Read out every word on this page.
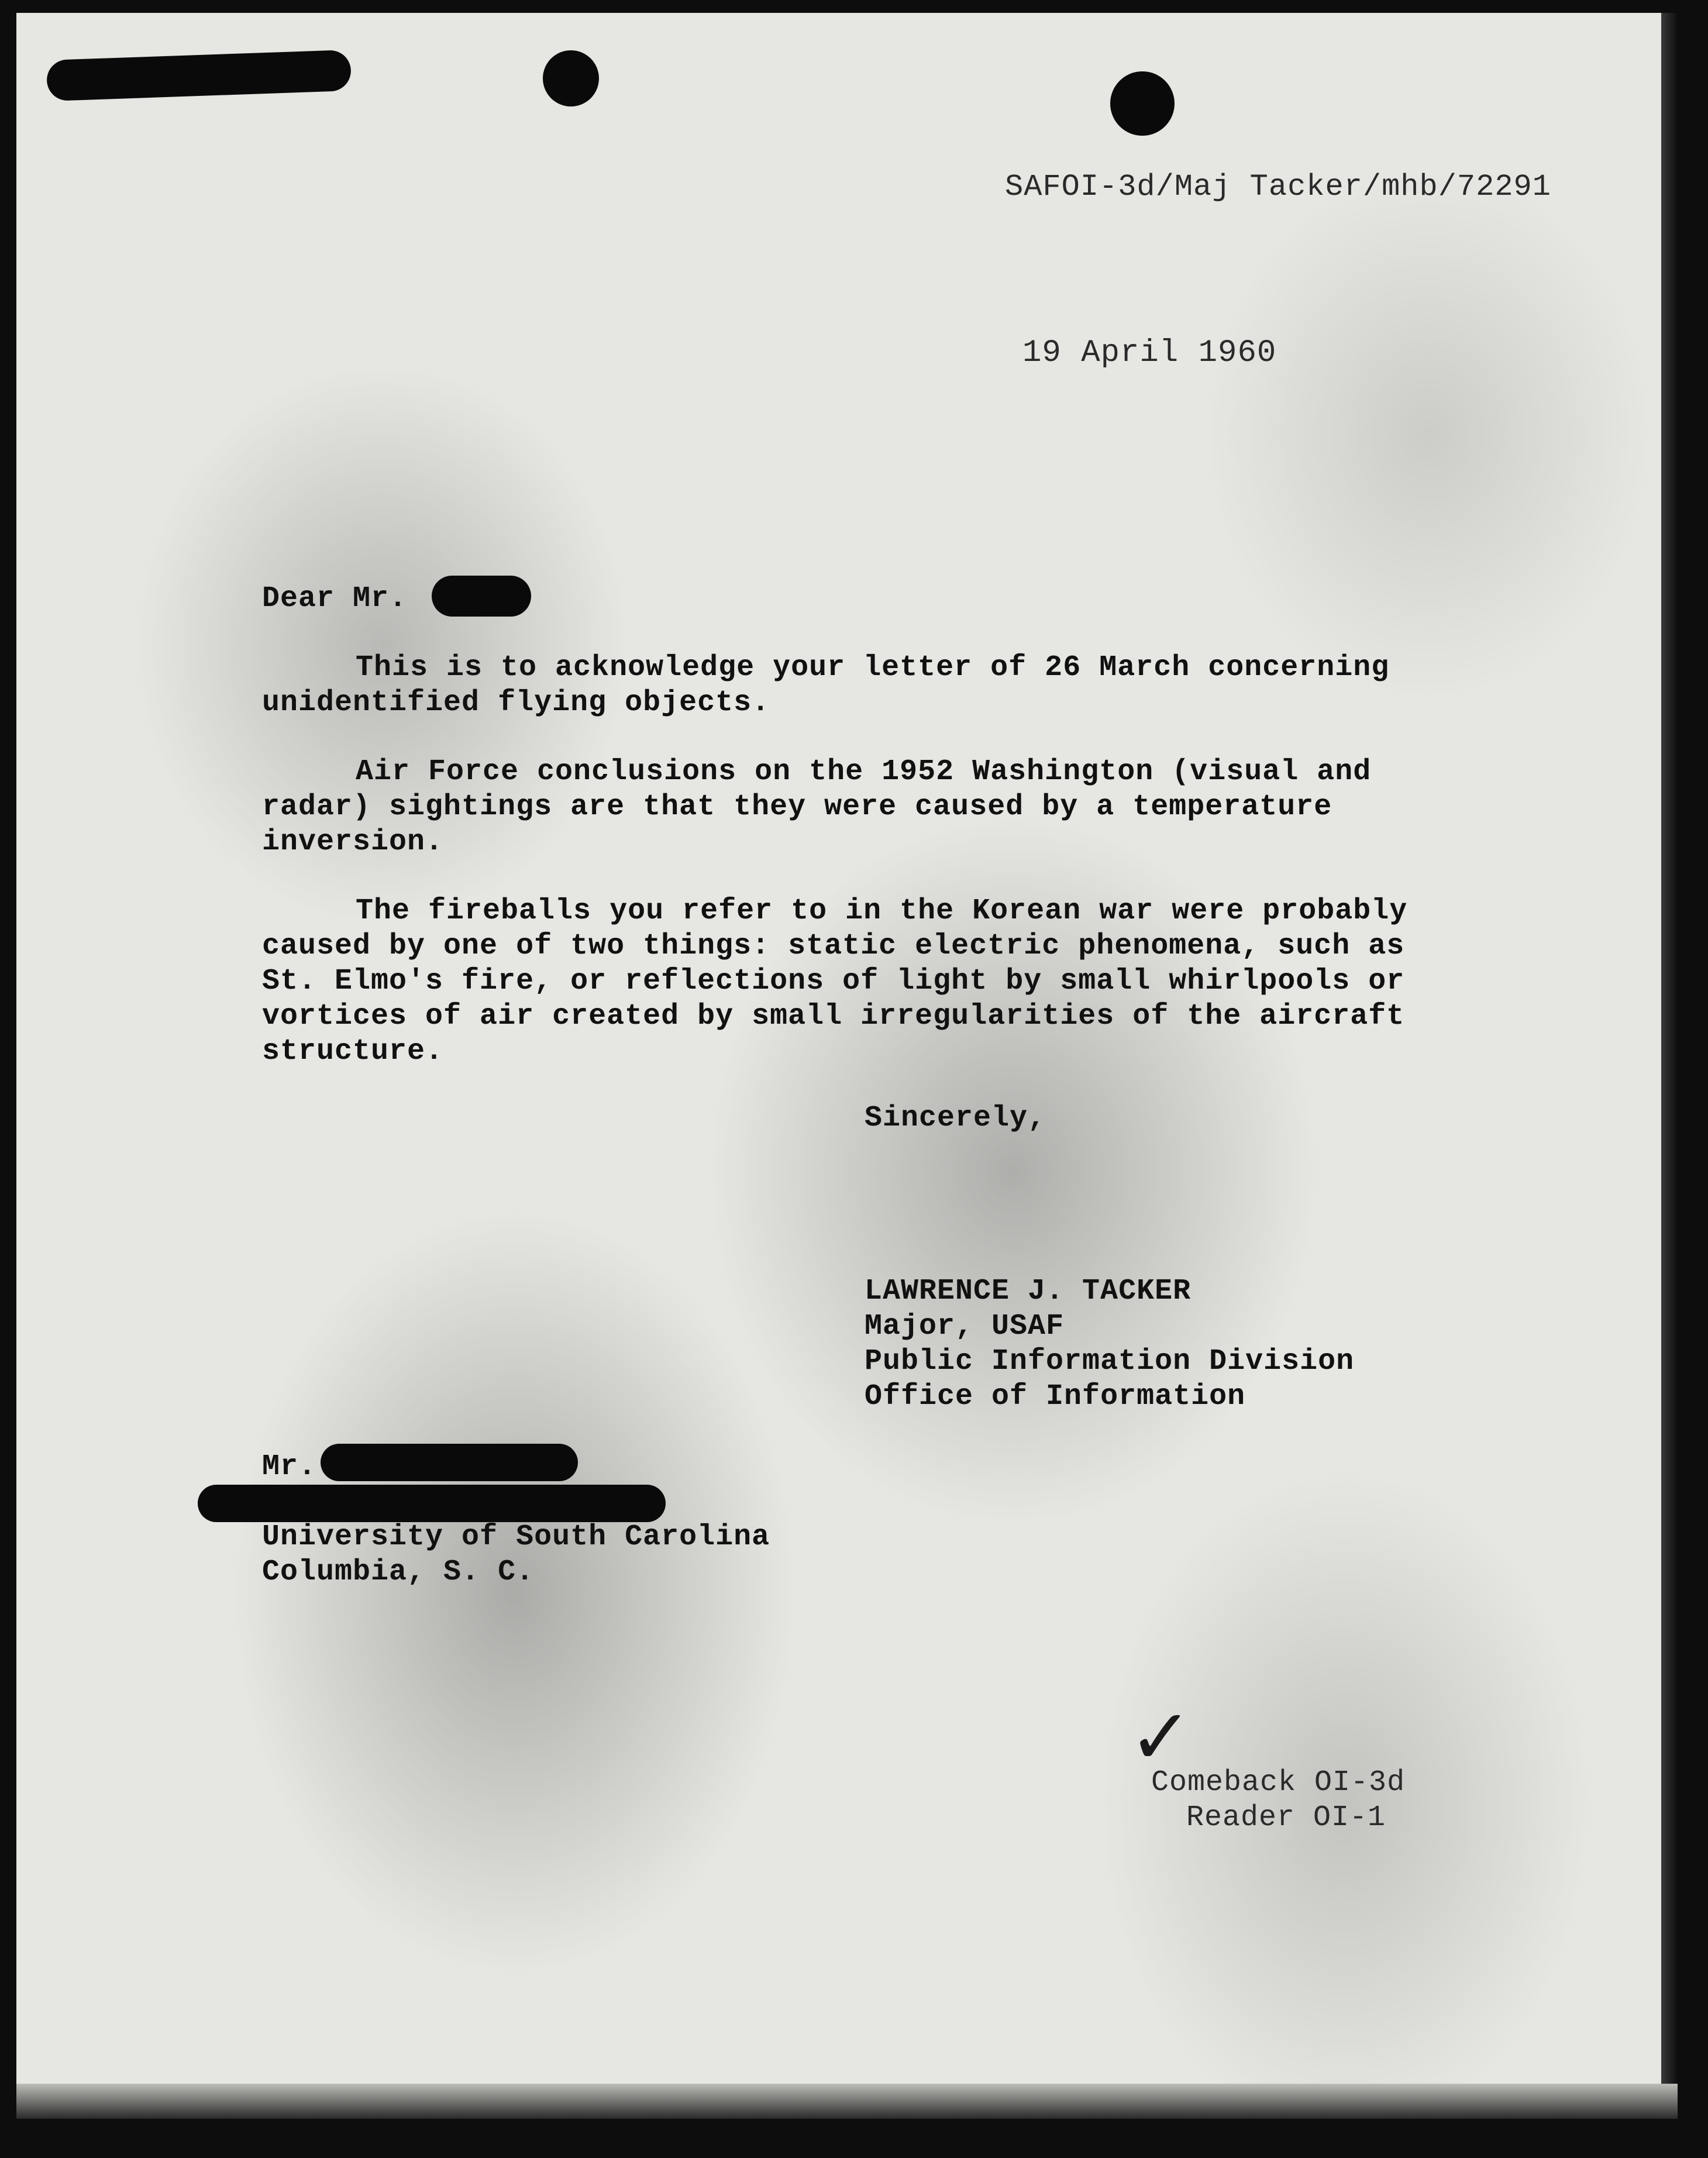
SAFOI-3d/Maj Tacker/mhb/72291
19 April 1960
Dear Mr.
This is to acknowledge your letter of 26 March concerning
unidentified flying objects.
Air Force conclusions on the 1952 Washington (visual and
radar) sightings are that they were caused by a temperature
inversion.
The fireballs you refer to in the Korean war were probably
caused by one of two things: static electric phenomena, such as
St. Elmo's fire, or reflections of light by small whirlpools or
vortices of air created by small irregularities of the aircraft
structure.
Sincerely,
LAWRENCE J. TACKER
Major, USAF
Public Information Division
Office of Information
Mr.
University of South Carolina
Columbia, S. C.
✓
Comeback OI-3d
Reader OI-1
